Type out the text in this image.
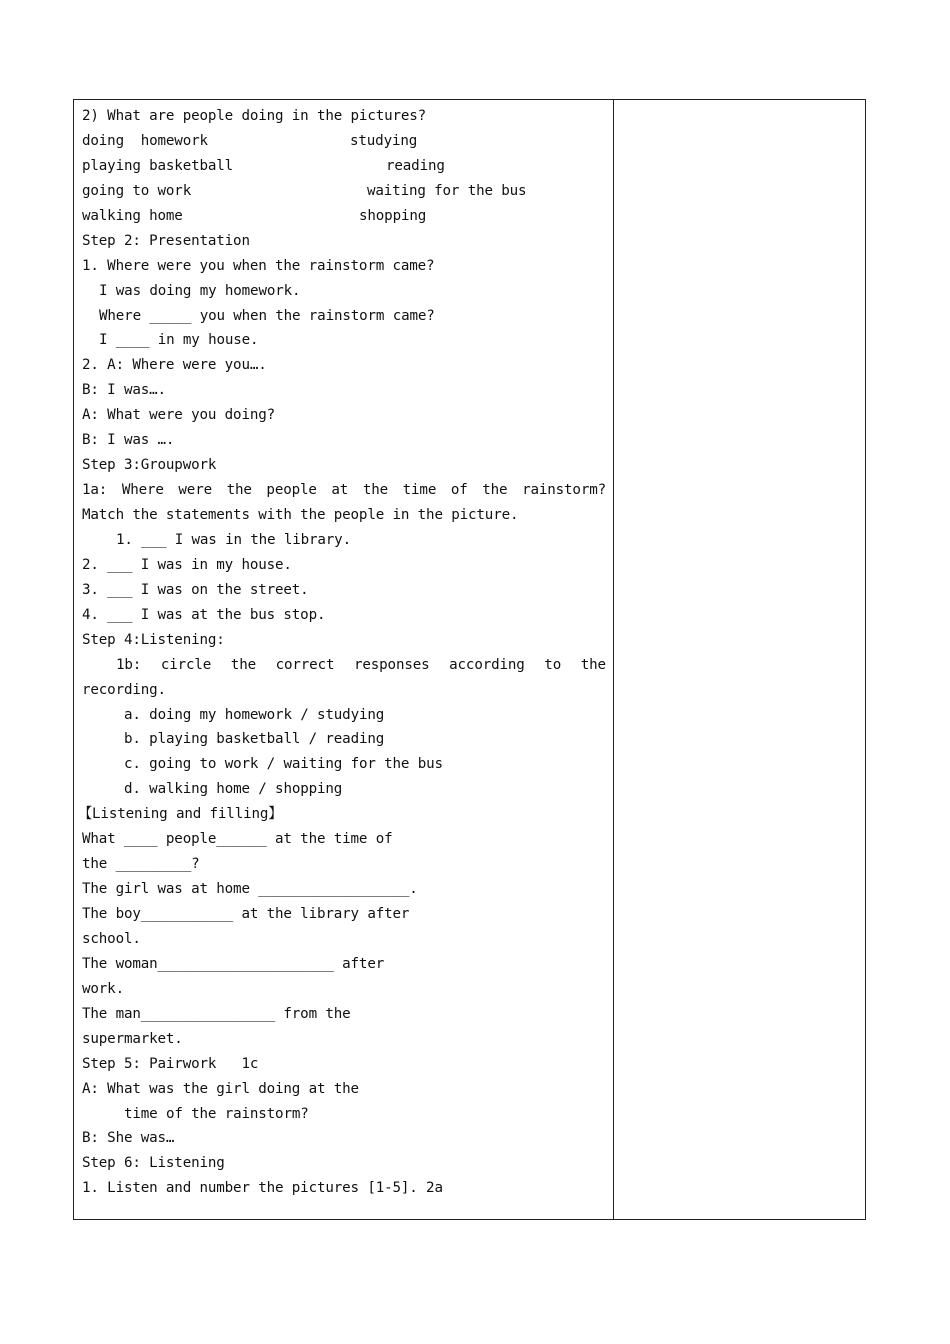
2) What are people doing in the pictures?
doing  homework	studying
playing basketball	reading
going to work	waiting for the bus
walking home	shopping
Step 2: Presentation
1. Where were you when the rainstorm came?
I was doing my homework.
Where _____ you when the rainstorm came?
I ____ in my house.
2. A: Where were you….
B: I was….
A: What were you doing?
B: I was ….
Step 3:Groupwork
1a: Where were the people at the time of the rainstorm?
Match the statements with the people in the picture.
1. ___ I was in the library.
2. ___ I was in my house.
3. ___ I was on the street.
4. ___ I was at the bus stop.
Step 4:Listening:
1b: circle the correct responses according to the
recording.
a. doing my homework / studying
b. playing basketball / reading
c. going to work / waiting for the bus
d. walking home / shopping
【Listening and filling】
What ____ people______ at the time of
the _________?
The girl was at home __________________.
The boy___________ at the library after
school.
The woman_____________________ after
work.
The man________________ from the
supermarket.
Step 5: Pairwork   1c
A: What was the girl doing at the
time of the rainstorm?
B: She was…
Step 6: Listening
1. Listen and number the pictures [1-5]. 2a
